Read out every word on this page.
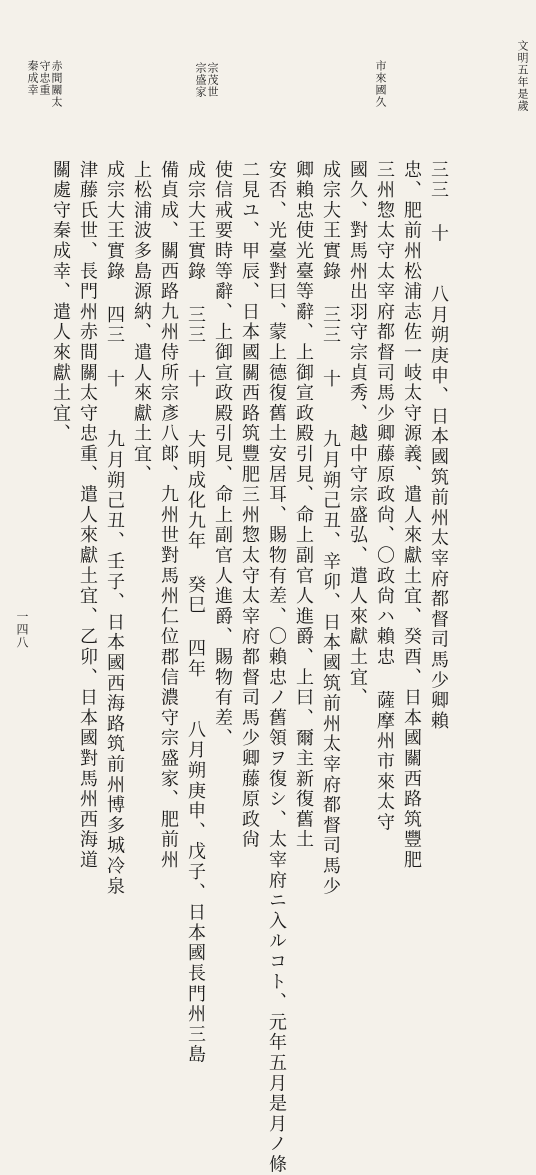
文明五年是歲
一四八
市來國久
宗茂世
宗盛家
赤間關太
守忠重
秦成幸
三三 十　　八月朔庚申、日本國筑前州太宰府都督司馬少卿賴
忠、肥前州松浦志佐一岐太守源義、遣人來獻土宜、癸酉、日本國關西路筑豐肥
三州惣太守太宰府都督司馬少卿藤原政尙、〇政尙ハ賴忠 薩摩州市來太守
國久、對馬州出羽守宗貞秀、越中守宗盛弘、遣人來獻土宜、
成宗大王實錄 三三 十　　九月朔己丑、辛卯、日本國筑前州太宰府都督司馬少
卿賴忠使光臺等辭、上御宣政殿引見、命上副官人進爵、上曰、爾主新復舊土
安否、光臺對曰、蒙上德復舊土安居耳、賜物有差、〇賴忠ノ舊領ヲ復シ、太宰府ニ入ルコト、元年五月是月ノ條
二見ユ、甲辰、日本國關西路筑豐肥三州惣太守太宰府都督司馬少卿藤原政尙
使信戒要時等辭、上御宣政殿引見、命上副官人進爵、賜物有差、
成宗大王實錄 三三 十　　大明成化九年 癸巳 四年　　八月朔庚申、戊子、日本國長門州三島
備貞成、關西路九州侍所宗彥八郞、九州世對馬州仁位郡信濃守宗盛家、肥前州
上松浦波多島源納、遣人來獻土宜、
成宗大王實錄 四三 十　　九月朔己丑、壬子、日本國西海路筑前州博多城冷泉
津藤氏世、長門州赤間關太守忠重、遣人來獻土宜、乙卯、日本國對馬州西海道
關處守秦成幸、遣人來獻土宜、
